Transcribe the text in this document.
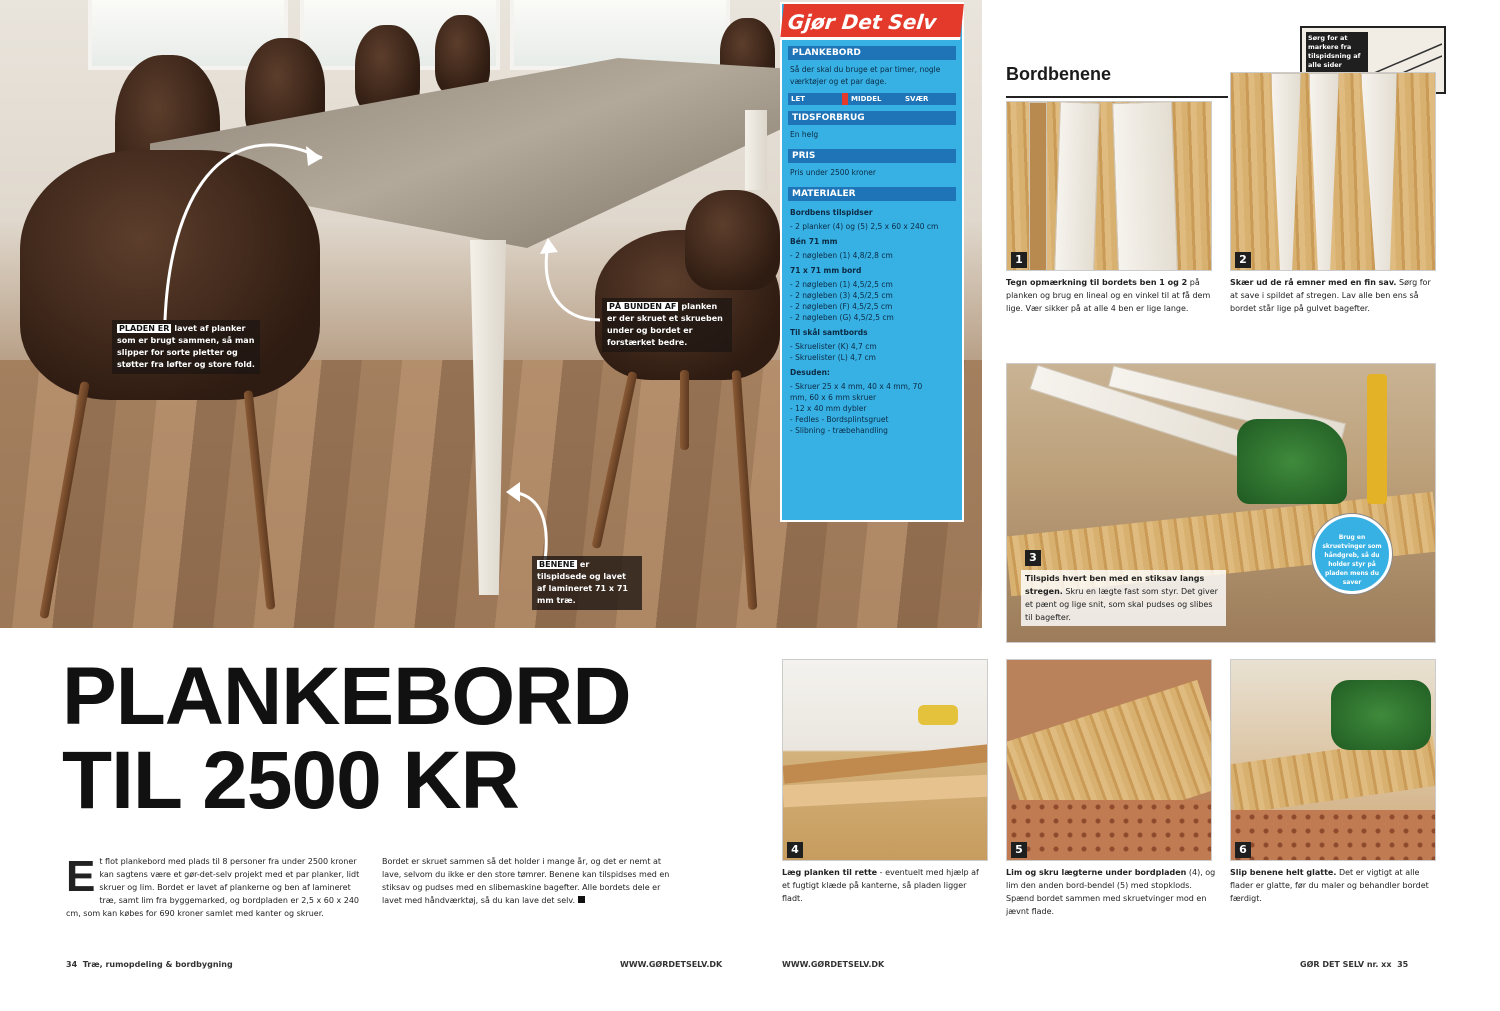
PLADEN ER lavet af planker som er brugt sammen, så man slipper for sorte pletter og støtter fra løfter og store fold.
PÅ BUNDEN AF planken er der skruet et skrueben under og bordet er forstærket bedre.
BENENE er tilspidsede og lavet af lamineret 71 x 71 mm træ.
Gjør Det Selv
PLANKEBORD
Så der skal du bruge et par timer, nogle værktøjer og et par dage.
LET	MIDDEL	SVÆR
TIDSFORBRUG
En helg
PRIS
Pris under 2500 kroner
MATERIALER
Bordbens tilspidser
- 2 planker (4) og (5) 2,5 x 60 x 240 cm
Bén 71 mm
- 2 nøgleben (1) 4,8/2,8 cm
71 x 71 mm bord
- 2 nøgleben (1) 4,5/2,5 cm
- 2 nøgleben (3) 4,5/2,5 cm
- 2 nøgleben (F) 4,5/2,5 cm
- 2 nøgleben (G) 4,5/2,5 cm
Til skål samtbords
- Skruelister (K) 4,7 cm
- Skruelister (L) 4,7 cm
Desuden:
- Skruer 25 x 4 mm, 40 x 4 mm, 70
mm, 60 x 6 mm skruer
- 12 x 40 mm dybler
- Fedles - Bordsplintsgruet
- Slibning - træbehandling
PLANKEBORD
TIL 2500 KR
Et flot plankebord med plads til 8 personer fra under 2500 kroner kan sagtens være et gør-det-selv projekt med et par planker, lidt skruer og lim. Bordet er lavet af plankerne og ben af lamineret træ, samt lim fra byggemarked, og bordpladen er 2,5 x 60 x 240 cm, som kan købes for 690 kroner samlet med kanter og skruer.
Bordet er skruet sammen så det holder i mange år, og det er nemt at lave, selvom du ikke er den store tømrer. Benene kan tilspidses med en stiksav og pudses med en slibemaskine bagefter. Alle bordets dele er lavet med håndværktøj, så du kan lave det selv.
34 Træ, rumopdeling & bordbygning	WWW.GØRDETSELV.DK	WWW.GØRDETSELV.DK	GØR DET SELV nr. xx 35
Bordbenene
Sørg for at markere fra tilspidsning af alle sider
1
Tegn opmærkning til bordets ben 1 og 2 på planken og brug en lineal og en vinkel til at få dem lige. Vær sikker på at alle 4 ben er lige lange.
2
Skær ud de rå emner med en fin sav. Sørg for at save i spildet af stregen. Lav alle ben ens så bordet står lige på gulvet bagefter.
Brug en skruetvinger som håndgreb, så du holder styr på pladen mens du saver
3
Tilspids hvert ben med en stiksav langs stregen. Skru en lægte fast som styr. Det giver et pænt og lige snit, som skal pudses og slibes til bagefter.
4
Læg planken til rette - eventuelt med hjælp af et fugtigt klæde på kanterne, så pladen ligger fladt.
5
Lim og skru lægterne under bordpladen (4), og lim den anden bord-bendel (5) med stopklods. Spænd bordet sammen med skruetvinger mod en jævnt flade.
6
Slip benene helt glatte. Det er vigtigt at alle flader er glatte, før du maler og behandler bordet færdigt.
